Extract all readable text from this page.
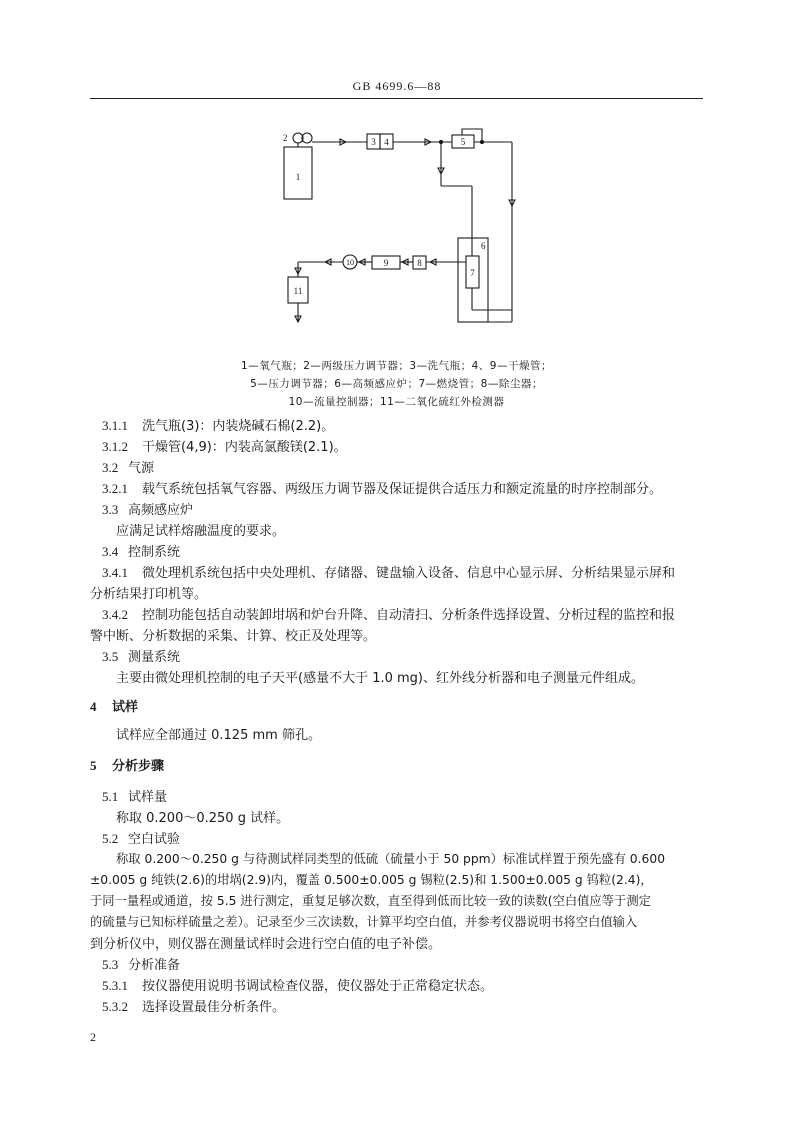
GB 4699.6—88
1
2	3 4	5
6
7
8
9
10
11
1—氧气瓶；2—两级压力调节器；3—洗气瓶；4、9—干燥管；
5—压力调节器；6—高频感应炉；7—燃烧管；8—除尘器；
10—流量控制器；11—二氧化硫红外检测器
3.1.1 洗气瓶(3)：内装烧碱石棉(2.2)。
3.1.2 干燥管(4,9)：内装高氯酸镁(2.1)。
3.2 气源
3.2.1 载气系统包括氧气容器、两级压力调节器及保证提供合适压力和额定流量的时序控制部分。
3.3 高频感应炉
应满足试样熔融温度的要求。
3.4 控制系统
3.4.1 微处理机系统包括中央处理机、存储器、键盘输入设备、信息中心显示屏、分析结果显示屏和
分析结果打印机等。
3.4.2 控制功能包括自动装卸坩埚和炉台升降、自动清扫、分析条件选择设置、分析过程的监控和报
警中断、分析数据的采集、计算、校正及处理等。
3.5 测量系统
主要由微处理机控制的电子天平(感量不大于 1.0 mg)、红外线分析器和电子测量元件组成。
4 试样
试样应全部通过 0.125 mm 筛孔。
5 分析步骤
5.1 试样量
称取 0.200～0.250 g 试样。
5.2 空白试验
称取 0.200～0.250 g 与待测试样同类型的低硫（硫量小于 50 ppm）标准试样置于预先盛有 0.600
±0.005 g 纯铁(2.6)的坩埚(2.9)内，覆盖 0.500±0.005 g 锡粒(2.5)和 1.500±0.005 g 钨粒(2.4)，
于同一量程或通道，按 5.5 进行测定，重复足够次数，直至得到低而比较一致的读数(空白值应等于测定
的硫量与已知标样硫量之差）。记录至少三次读数，计算平均空白值，并参考仪器说明书将空白值输入
到分析仪中，则仪器在测量试样时会进行空白值的电子补偿。
5.3 分析准备
5.3.1 按仪器使用说明书调试检查仪器，使仪器处于正常稳定状态。
5.3.2 选择设置最佳分析条件。
2
